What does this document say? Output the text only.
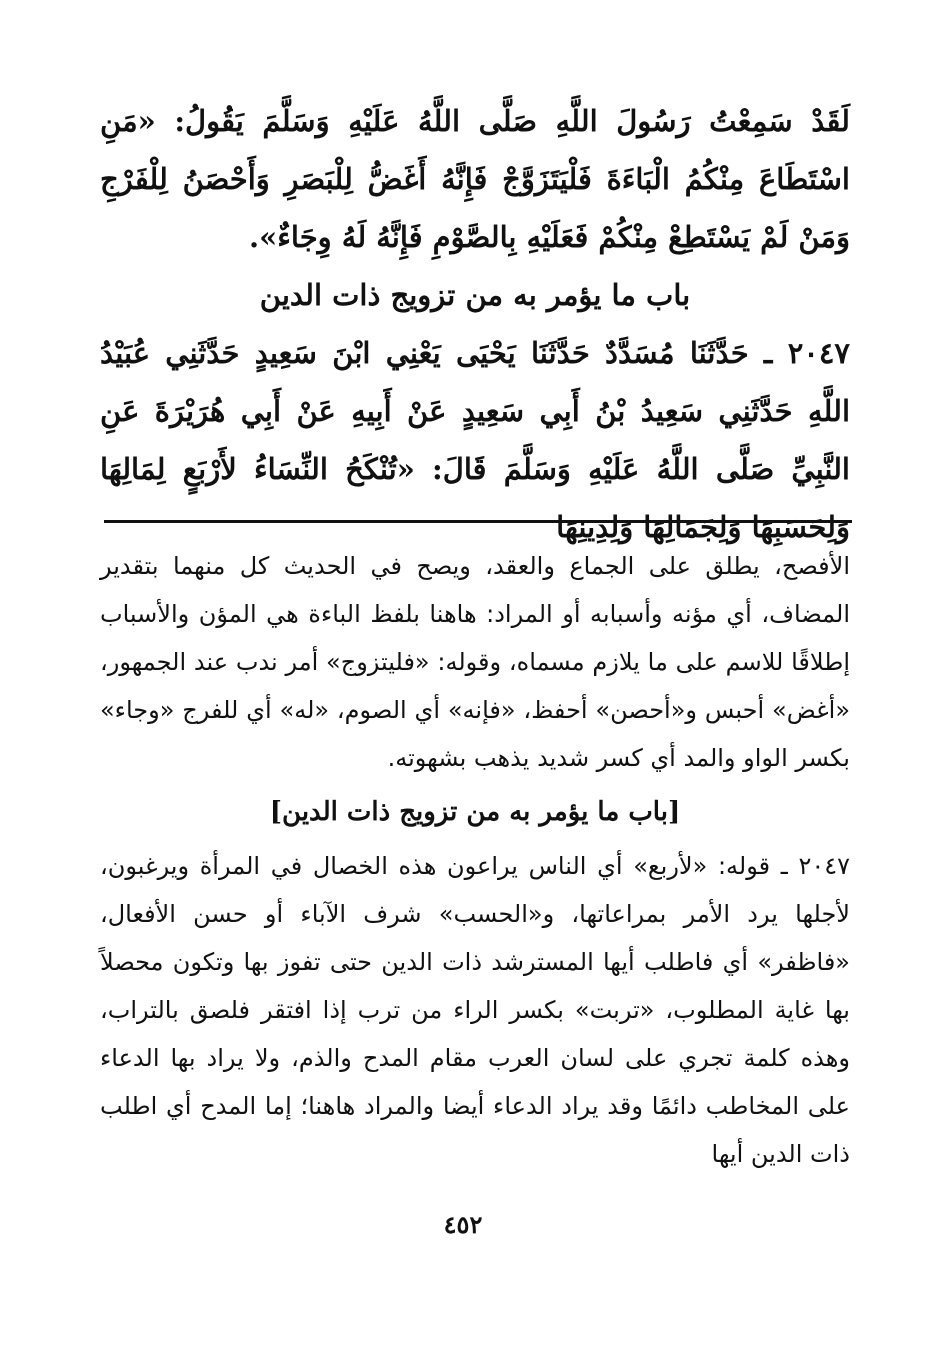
لَقَدْ سَمِعْتُ رَسُولَ اللَّهِ صَلَّى اللَّهُ عَلَيْهِ وَسَلَّمَ يَقُولُ: «مَنِ اسْتَطَاعَ مِنْكُمُ الْبَاءَةَ فَلْيَتَزَوَّجْ فَإِنَّهُ أَغَضُّ لِلْبَصَرِ وَأَحْصَنُ لِلْفَرْجِ وَمَنْ لَمْ يَسْتَطِعْ مِنْكُمْ فَعَلَيْهِ بِالصَّوْمِ فَإِنَّهُ لَهُ وِجَاءٌ».

باب ما يؤمر به من تزويج ذات الدين

٢٠٤٧ ـ حَدَّثَنَا مُسَدَّدٌ حَدَّثَنَا يَحْيَى يَعْنِي ابْنَ سَعِيدٍ حَدَّثَنِي عُبَيْدُ اللَّهِ حَدَّثَنِي سَعِيدُ بْنُ أَبِي سَعِيدٍ عَنْ أَبِيهِ عَنْ أَبِي هُرَيْرَةَ عَنِ النَّبِيِّ صَلَّى اللَّهُ عَلَيْهِ وَسَلَّمَ قَالَ: «تُنْكَحُ النِّسَاءُ لأَرْبَعٍ لِمَالِهَا وَلِحَسَبِهَا وَلِجَمَالِهَا وَلِدِينِهَا

الأفصح، يطلق على الجماع والعقد، ويصح في الحديث كل منهما بتقدير المضاف، أي مؤنه وأسبابه أو المراد: هاهنا بلفظ الباءة هي المؤن والأسباب إطلاقًا للاسم على ما يلازم مسماه، وقوله: «فليتزوج» أمر ندب عند الجمهور، «أغض» أحبس و«أحصن» أحفظ، «فإنه» أي الصوم، «له» أي للفرج «وجاء» بكسر الواو والمد أي كسر شديد يذهب بشهوته.

[باب ما يؤمر به من تزويج ذات الدين]

٢٠٤٧ ـ قوله: «لأربع» أي الناس يراعون هذه الخصال في المرأة ويرغبون، لأجلها يرد الأمر بمراعاتها، و«الحسب» شرف الآباء أو حسن الأفعال، «فاظفر» أي فاطلب أيها المسترشد ذات الدين حتى تفوز بها وتكون محصلاً بها غاية المطلوب، «تربت» بكسر الراء من ترب إذا افتقر فلصق بالتراب، وهذه كلمة تجري على لسان العرب مقام المدح والذم، ولا يراد بها الدعاء على المخاطب دائمًا وقد يراد الدعاء أيضا والمراد هاهنا؛ إما المدح أي اطلب ذات الدين أيها

٤٥٢
